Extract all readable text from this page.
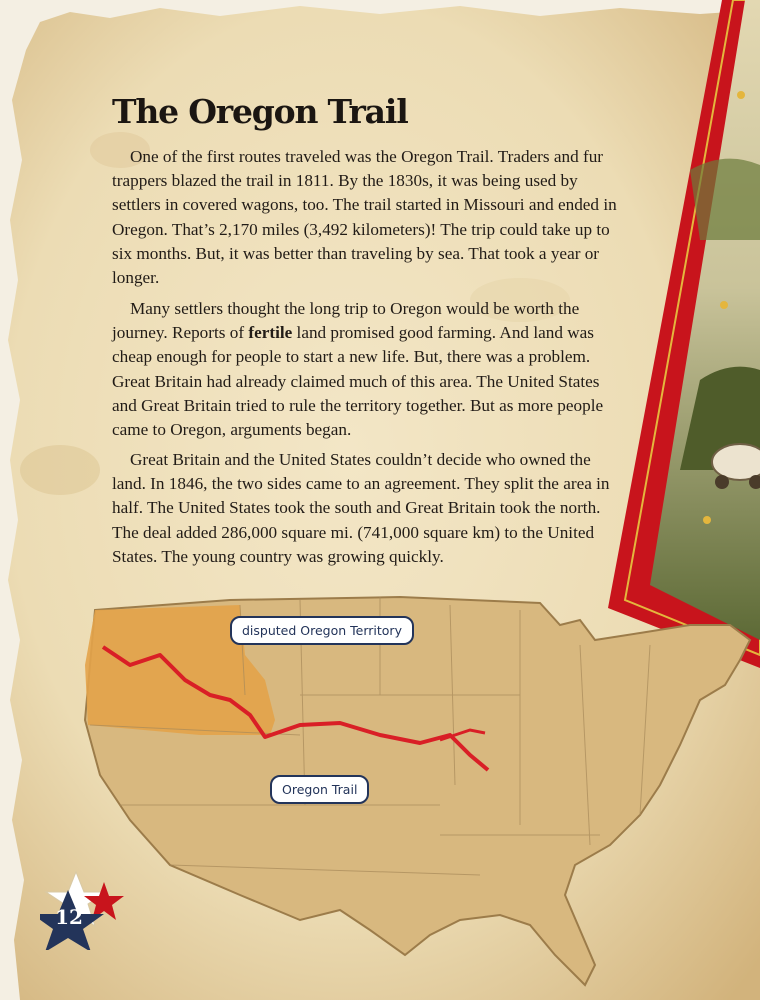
The Oregon Trail

One of the first routes traveled was the Oregon Trail. Traders and fur trappers blazed the trail in 1811. By the 1830s, it was being used by settlers in covered wagons, too. The trail started in Missouri and ended in Oregon. That’s 2,170 miles (3,492 kilometers)! The trip could take up to six months. But, it was better than traveling by sea. That took a year or longer.

Many settlers thought the long trip to Oregon would be worth the journey. Reports of fertile land promised good farming. And land was cheap enough for people to start a new life. But, there was a problem. Great Britain had already claimed much of this area. The United States and Great Britain tried to rule the territory together. But as more people came to Oregon, arguments began.

Great Britain and the United States couldn’t decide who owned the land. In 1846, the two sides came to an agreement. They split the area in half. The United States took the south and Great Britain took the north. The deal added 286,000 square mi. (741,000 square km) to the United States. The young country was growing quickly.

disputed Oregon Territory
Oregon Trail
12
